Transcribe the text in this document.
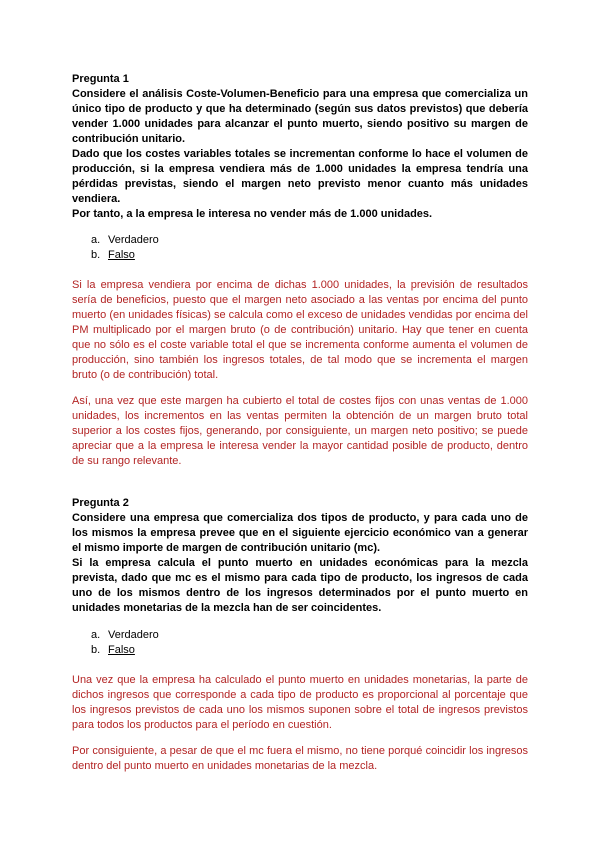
Pregunta 1

Considere el análisis Coste-Volumen-Beneficio para una empresa que comercializa un único tipo de producto y que ha determinado (según sus datos previstos) que debería vender 1.000 unidades para alcanzar el punto muerto, siendo positivo su margen de contribución unitario.

Dado que los costes variables totales se incrementan conforme lo hace el volumen de producción, si la empresa vendiera más de 1.000 unidades la empresa tendría una pérdidas previstas, siendo el margen neto previsto menor cuanto más unidades vendiera.

Por tanto, a la empresa le interesa no vender más de 1.000 unidades.

a. Verdadero
b. Falso
Si la empresa vendiera por encima de dichas 1.000 unidades, la previsión de resultados sería de beneficios, puesto que el margen neto asociado a las ventas por encima del punto muerto (en unidades físicas) se calcula como el exceso de unidades vendidas por encima del PM multiplicado por el margen bruto (o de contribución) unitario. Hay que tener en cuenta que no sólo es el coste variable total el que se incrementa conforme aumenta el volumen de producción, sino también los ingresos totales, de tal modo que se incrementa el margen bruto (o de contribución) total.
Así, una vez que este margen ha cubierto el total de costes fijos con unas ventas de 1.000 unidades, los incrementos en las ventas permiten la obtención de un margen bruto total superior a los costes fijos, generando, por consiguiente, un margen neto positivo; se puede apreciar que a la empresa le interesa vender la mayor cantidad posible de producto, dentro de su rango relevante.
Pregunta 2

Considere una empresa que comercializa dos tipos de producto, y para cada uno de los mismos la empresa prevee que en el siguiente ejercicio económico van a generar el mismo importe de margen de contribución unitario (mc).

Si la empresa calcula el punto muerto en unidades económicas para la mezcla prevista, dado que mc es el mismo para cada tipo de producto, los ingresos de cada uno de los mismos dentro de los ingresos determinados por el punto muerto en unidades monetarias de la mezcla han de ser coincidentes.

a. Verdadero
b. Falso
Una vez que la empresa ha calculado el punto muerto en unidades monetarias, la parte de dichos ingresos que corresponde a cada tipo de producto es proporcional al porcentaje que los ingresos previstos de cada uno los mismos suponen sobre el total de ingresos previstos para todos los productos para el período en cuestión.
Por consiguiente, a pesar de que el mc fuera el mismo, no tiene porqué coincidir los ingresos dentro del punto muerto en unidades monetarias de la mezcla.
